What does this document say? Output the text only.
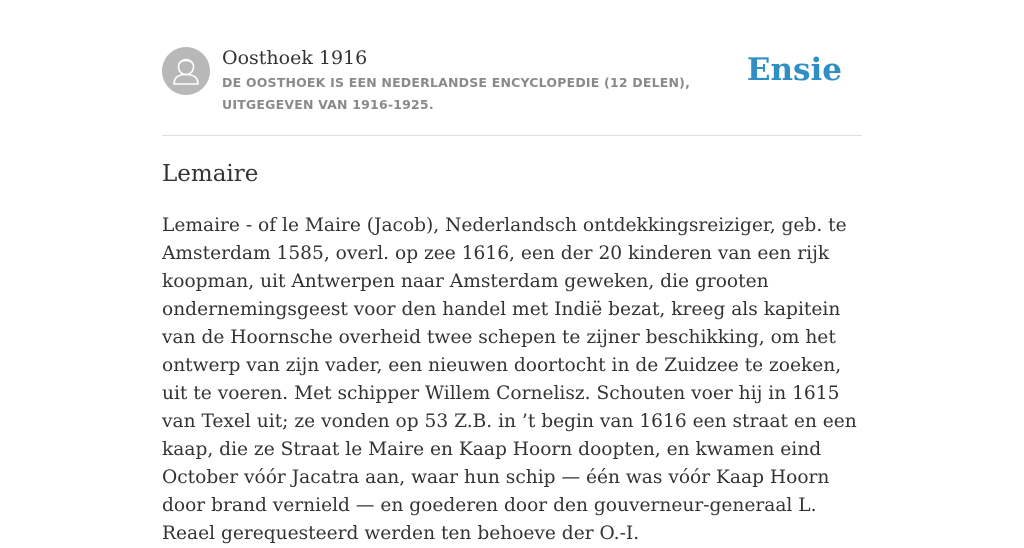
Oosthoek 1916
DE OOSTHOEK IS EEN NEDERLANDSE ENCYCLOPEDIE (12 DELEN), UITGEGEVEN VAN 1916-1925.
Ensie
Lemaire

Lemaire - of le Maire (Jacob), Nederlandsch ontdekkingsreiziger, geb. te Amsterdam 1585, overl. op zee 1616, een der 20 kinderen van een rijk koopman, uit Antwerpen naar Amsterdam geweken, die grooten ondernemingsgeest voor den handel met Indië bezat, kreeg als kapitein van de Hoornsche overheid twee schepen te zijner beschikking, om het ontwerp van zijn vader, een nieuwen doortocht in de Zuidzee te zoeken, uit te voeren. Met schipper Willem Cornelisz. Schouten voer hij in 1615 van Texel uit; ze vonden op 53 Z.B. in ’t begin van 1616 een straat en een kaap, die ze Straat le Maire en Kaap Hoorn doopten, en kwamen eind October vóór Jacatra aan, waar hun schip — één was vóór Kaap Hoorn door brand vernield — en goederen door den gouverneur-generaal L. Reael gerequesteerd werden ten behoeve der O.-I.
